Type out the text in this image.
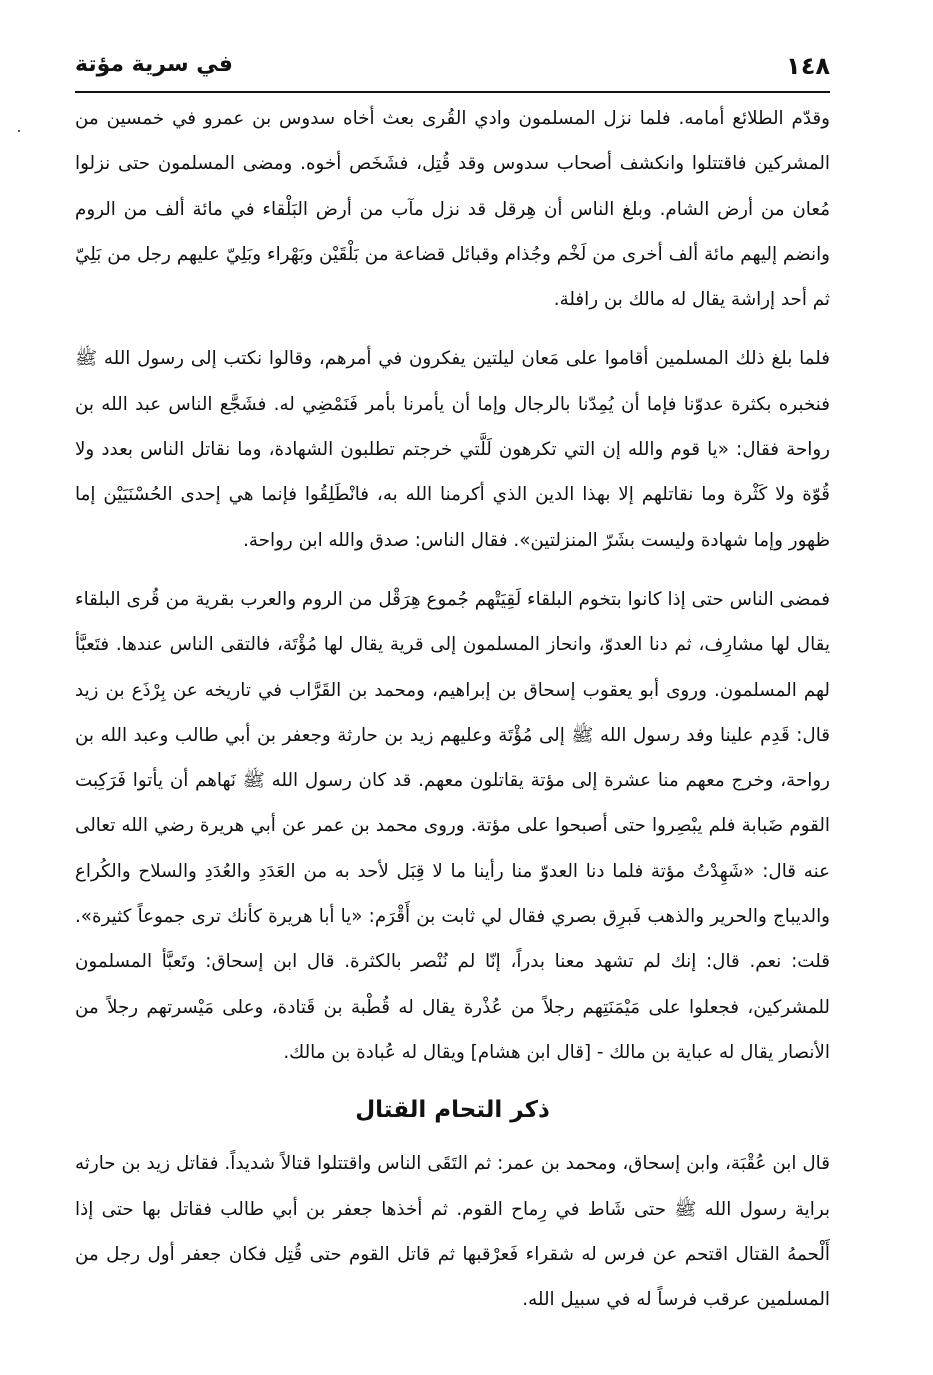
١٤٨
في سرية مؤتة

وقدّم الطلائع أمامه. فلما نزل المسلمون وادي القُرى بعث أخاه سدوس بن عمرو في خمسين من المشركين فاقتتلوا وانكشف أصحاب سدوس وقد قُتِل، فشَخَص أخوه. ومضى المسلمون حتى نزلوا مُعان من أرض الشام. وبلغ الناس أن هِرقل قد نزل مآب من أرض البَلْقاء في مائة ألف من الروم وانضم إليهم مائة ألف أخرى من لَخْم وجُذام وقبائل قضاعة من بَلْقَيْن وبَهْراء وبَلِيّ عليهم رجل من بَلِيّ ثم أحد إراشة يقال له مالك بن رافلة.

فلما بلغ ذلك المسلمين أقاموا على مَعان ليلتين يفكرون في أمرهم، وقالوا نكتب إلى رسول الله ﷺ فنخبره بكثرة عدوّنا فإما أن يُمِدّنا بالرجال وإما أن يأمرنا بأمر فَنَمْضِي له. فشَجَّع الناس عبد الله بن رواحة فقال: «يا قوم والله إن التي تكرهون لَلَّتي خرجتم تطلبون الشهادة، وما نقاتل الناس بعدد ولا قُوّة ولا كَثْرة وما نقاتلهم إلا بهذا الدين الذي أكرمنا الله به، فانْطَلِقُوا فإنما هي إحدى الحُسْنَيَيْن إما ظهور وإما شهادة وليست بشَرّ المنزلتين». فقال الناس: صدق والله ابن رواحة.

فمضى الناس حتى إذا كانوا بتخوم البلقاء لَقِيَتْهم جُموع هِرَقْل من الروم والعرب بقرية من قُرى البلقاء يقال لها مشارِف، ثم دنا العدوّ، وانحاز المسلمون إلى قرية يقال لها مُؤْتَة، فالتقى الناس عندها. فتَعبَّأ لهم المسلمون. وروى أبو يعقوب إسحاق بن إبراهيم، ومحمد بن القَرَّاب في تاريخه عن بِرْذَع بن زيد قال: قَدِم علينا وفد رسول الله ﷺ إلى مُؤْتَة وعليهم زيد بن حارثة وجعفر بن أبي طالب وعبد الله بن رواحة، وخرج معهم منا عشرة إلى مؤتة يقاتلون معهم. قد كان رسول الله ﷺ نَهاهم أن يأتوا فَرَكِبت القوم ضَبابة فلم يبْصِروا حتى أصبحوا على مؤتة. وروى محمد بن عمر عن أبي هريرة رضي الله تعالى عنه قال: «شَهِدْتُ مؤتة فلما دنا العدوّ منا رأينا ما لا قِبَل لأحد به من العَدَدِ والعُدَدِ والسلاح والكُراع والديباج والحرير والذهب فَبرِق بصري فقال لي ثابت بن أَقْرَم: «يا أبا هريرة كأنك ترى جموعاً كثيرة». قلت: نعم. قال: إنك لم تشهد معنا بدراً، إنّا لم نُنْصر بالكثرة. قال ابن إسحاق: وتَعبَّأ المسلمون للمشركين، فجعلوا على مَيْمَنَتِهم رجلاً من عُذْرة يقال له قُطْبة بن قَتادة، وعلى مَيْسرتهم رجلاً من الأنصار يقال له عباية بن مالك - [قال ابن هشام] ويقال له عُبادة بن مالك.

ذكر التحام القتال

قال ابن عُقْبَة، وابن إسحاق، ومحمد بن عمر: ثم التَقَى الناس واقتتلوا قتالاً شديداً. فقاتل زيد بن حارثه براية رسول الله ﷺ حتى شَاط في رِماح القوم. ثم أخذها جعفر بن أبي طالب فقاتل بها حتى إذا أَلْحمهُ القتال اقتحم عن فرس له شقراء فَعرْقبها ثم قاتل القوم حتى قُتِل فكان جعفر أول رجل من المسلمين عرقب فرساً له في سبيل الله.
